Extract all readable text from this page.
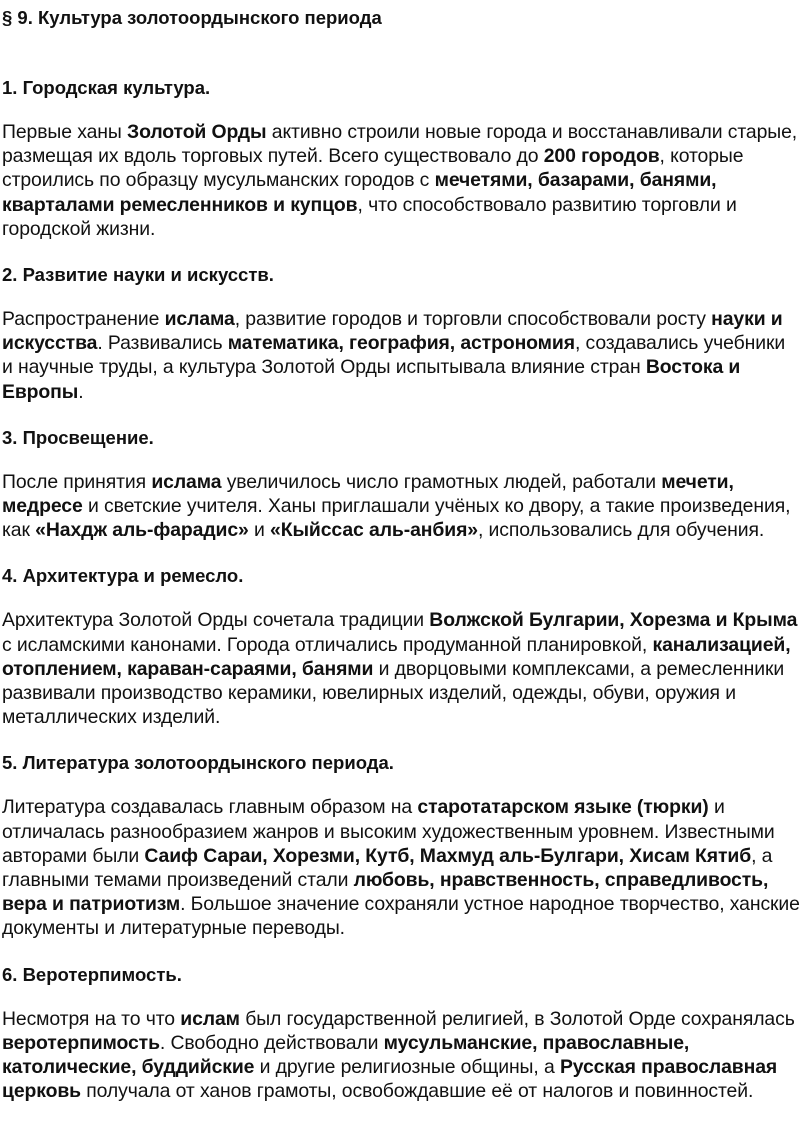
§ 9. Культура золотоордынского периода
1. Городская культура.
Первые ханы Золотой Орды активно строили новые города и восстанавливали старые, размещая их вдоль торговых путей. Всего существовало до 200 городов, которые строились по образцу мусульманских городов с мечетями, базарами, банями, кварталами ремесленников и купцов, что способствовало развитию торговли и городской жизни.
2. Развитие науки и искусств.
Распространение ислама, развитие городов и торговли способствовали росту науки и искусства. Развивались математика, география, астрономия, создавались учебники и научные труды, а культура Золотой Орды испытывала влияние стран Востока и Европы.
3. Просвещение.
После принятия ислама увеличилось число грамотных людей, работали мечети, медресе и светские учителя. Ханы приглашали учёных ко двору, а такие произведения, как «Нахдж аль-фарадис» и «Кыйссас аль-анбия», использовались для обучения.
4. Архитектура и ремесло.
Архитектура Золотой Орды сочетала традиции Волжской Булгарии, Хорезма и Крыма с исламскими канонами. Города отличались продуманной планировкой, канализацией, отоплением, караван-сараями, банями и дворцовыми комплексами, а ремесленники развивали производство керамики, ювелирных изделий, одежды, обуви, оружия и металлических изделий.
5. Литература золотоордынского периода.
Литература создавалась главным образом на старотатарском языке (тюрки) и отличалась разнообразием жанров и высоким художественным уровнем. Известными авторами были Саиф Сараи, Хорезми, Кутб, Махмуд аль-Булгари, Хисам Кятиб, а главными темами произведений стали любовь, нравственность, справедливость, вера и патриотизм. Большое значение сохраняли устное народное творчество, ханские документы и литературные переводы.
6. Веротерпимость.
Несмотря на то что ислам был государственной религией, в Золотой Орде сохранялась веротерпимость. Свободно действовали мусульманские, православные, католические, буддийские и другие религиозные общины, а Русская православная церковь получала от ханов грамоты, освобождавшие её от налогов и повинностей.
